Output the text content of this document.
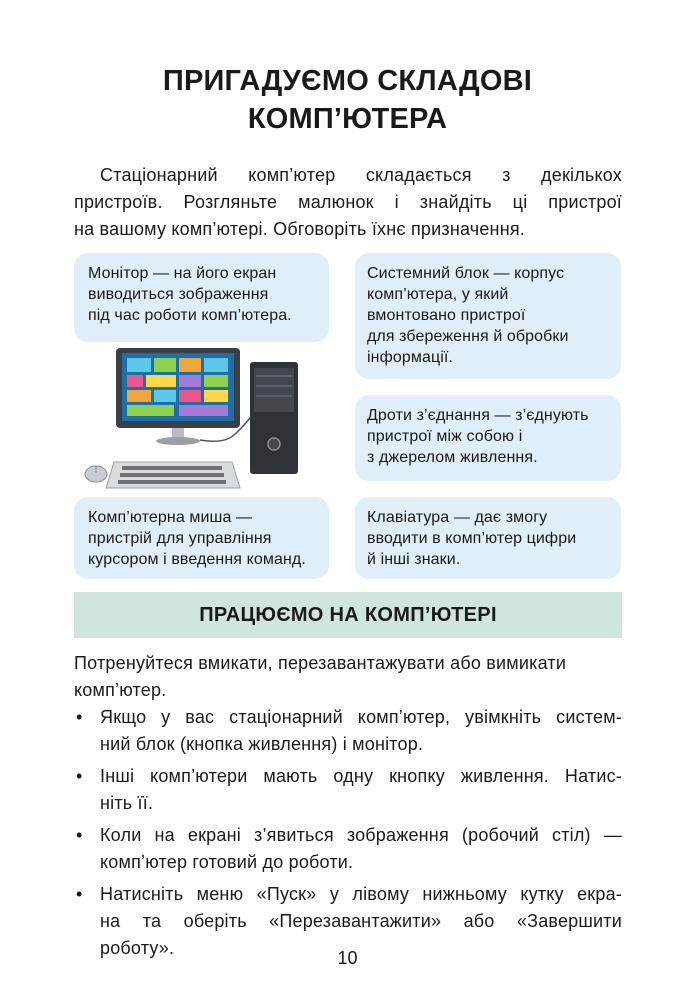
ПРИГАДУЄМО СКЛАДОВІ
КОМП’ЮТЕРА
Стаціонарний комп’ютер складається з декількох
пристроїв. Розгляньте малюнок і знайдіть ці пристрої
на вашому комп’ютері. Обговоріть їхнє призначення.
Монітор — на його екран
виводиться зображення
під час роботи комп’ютера.
Системний блок — корпус
комп’ютера, у який
вмонтовано пристрої
для збереження й обробки
інформації.
Дроти з’єднання — з’єднують
пристрої між собою і
з джерелом живлення.
Комп’ютерна миша —
пристрій для управління
курсором і введення команд.
Клавіатура — дає змогу
вводити в комп’ютер цифри
й інші знаки.
ПРАЦЮЄМО НА КОМП’ЮТЕРІ
Потренуйтеся вмикати, перезавантажувати або вимикати
комп’ютер.
• Якщо у вас стаціонарний комп’ютер, увімкніть систем-
ний блок (кнопка живлення) і монітор.
• Інші комп’ютери мають одну кнопку живлення. Натис-
ніть її.
• Коли на екрані з’явиться зображення (робочий стіл) —
комп’ютер готовий до роботи.
• Натисніть меню «Пуск» у лівому нижньому кутку екра-
на та оберіть «Перезавантажити» або «Завершити
роботу».	10
